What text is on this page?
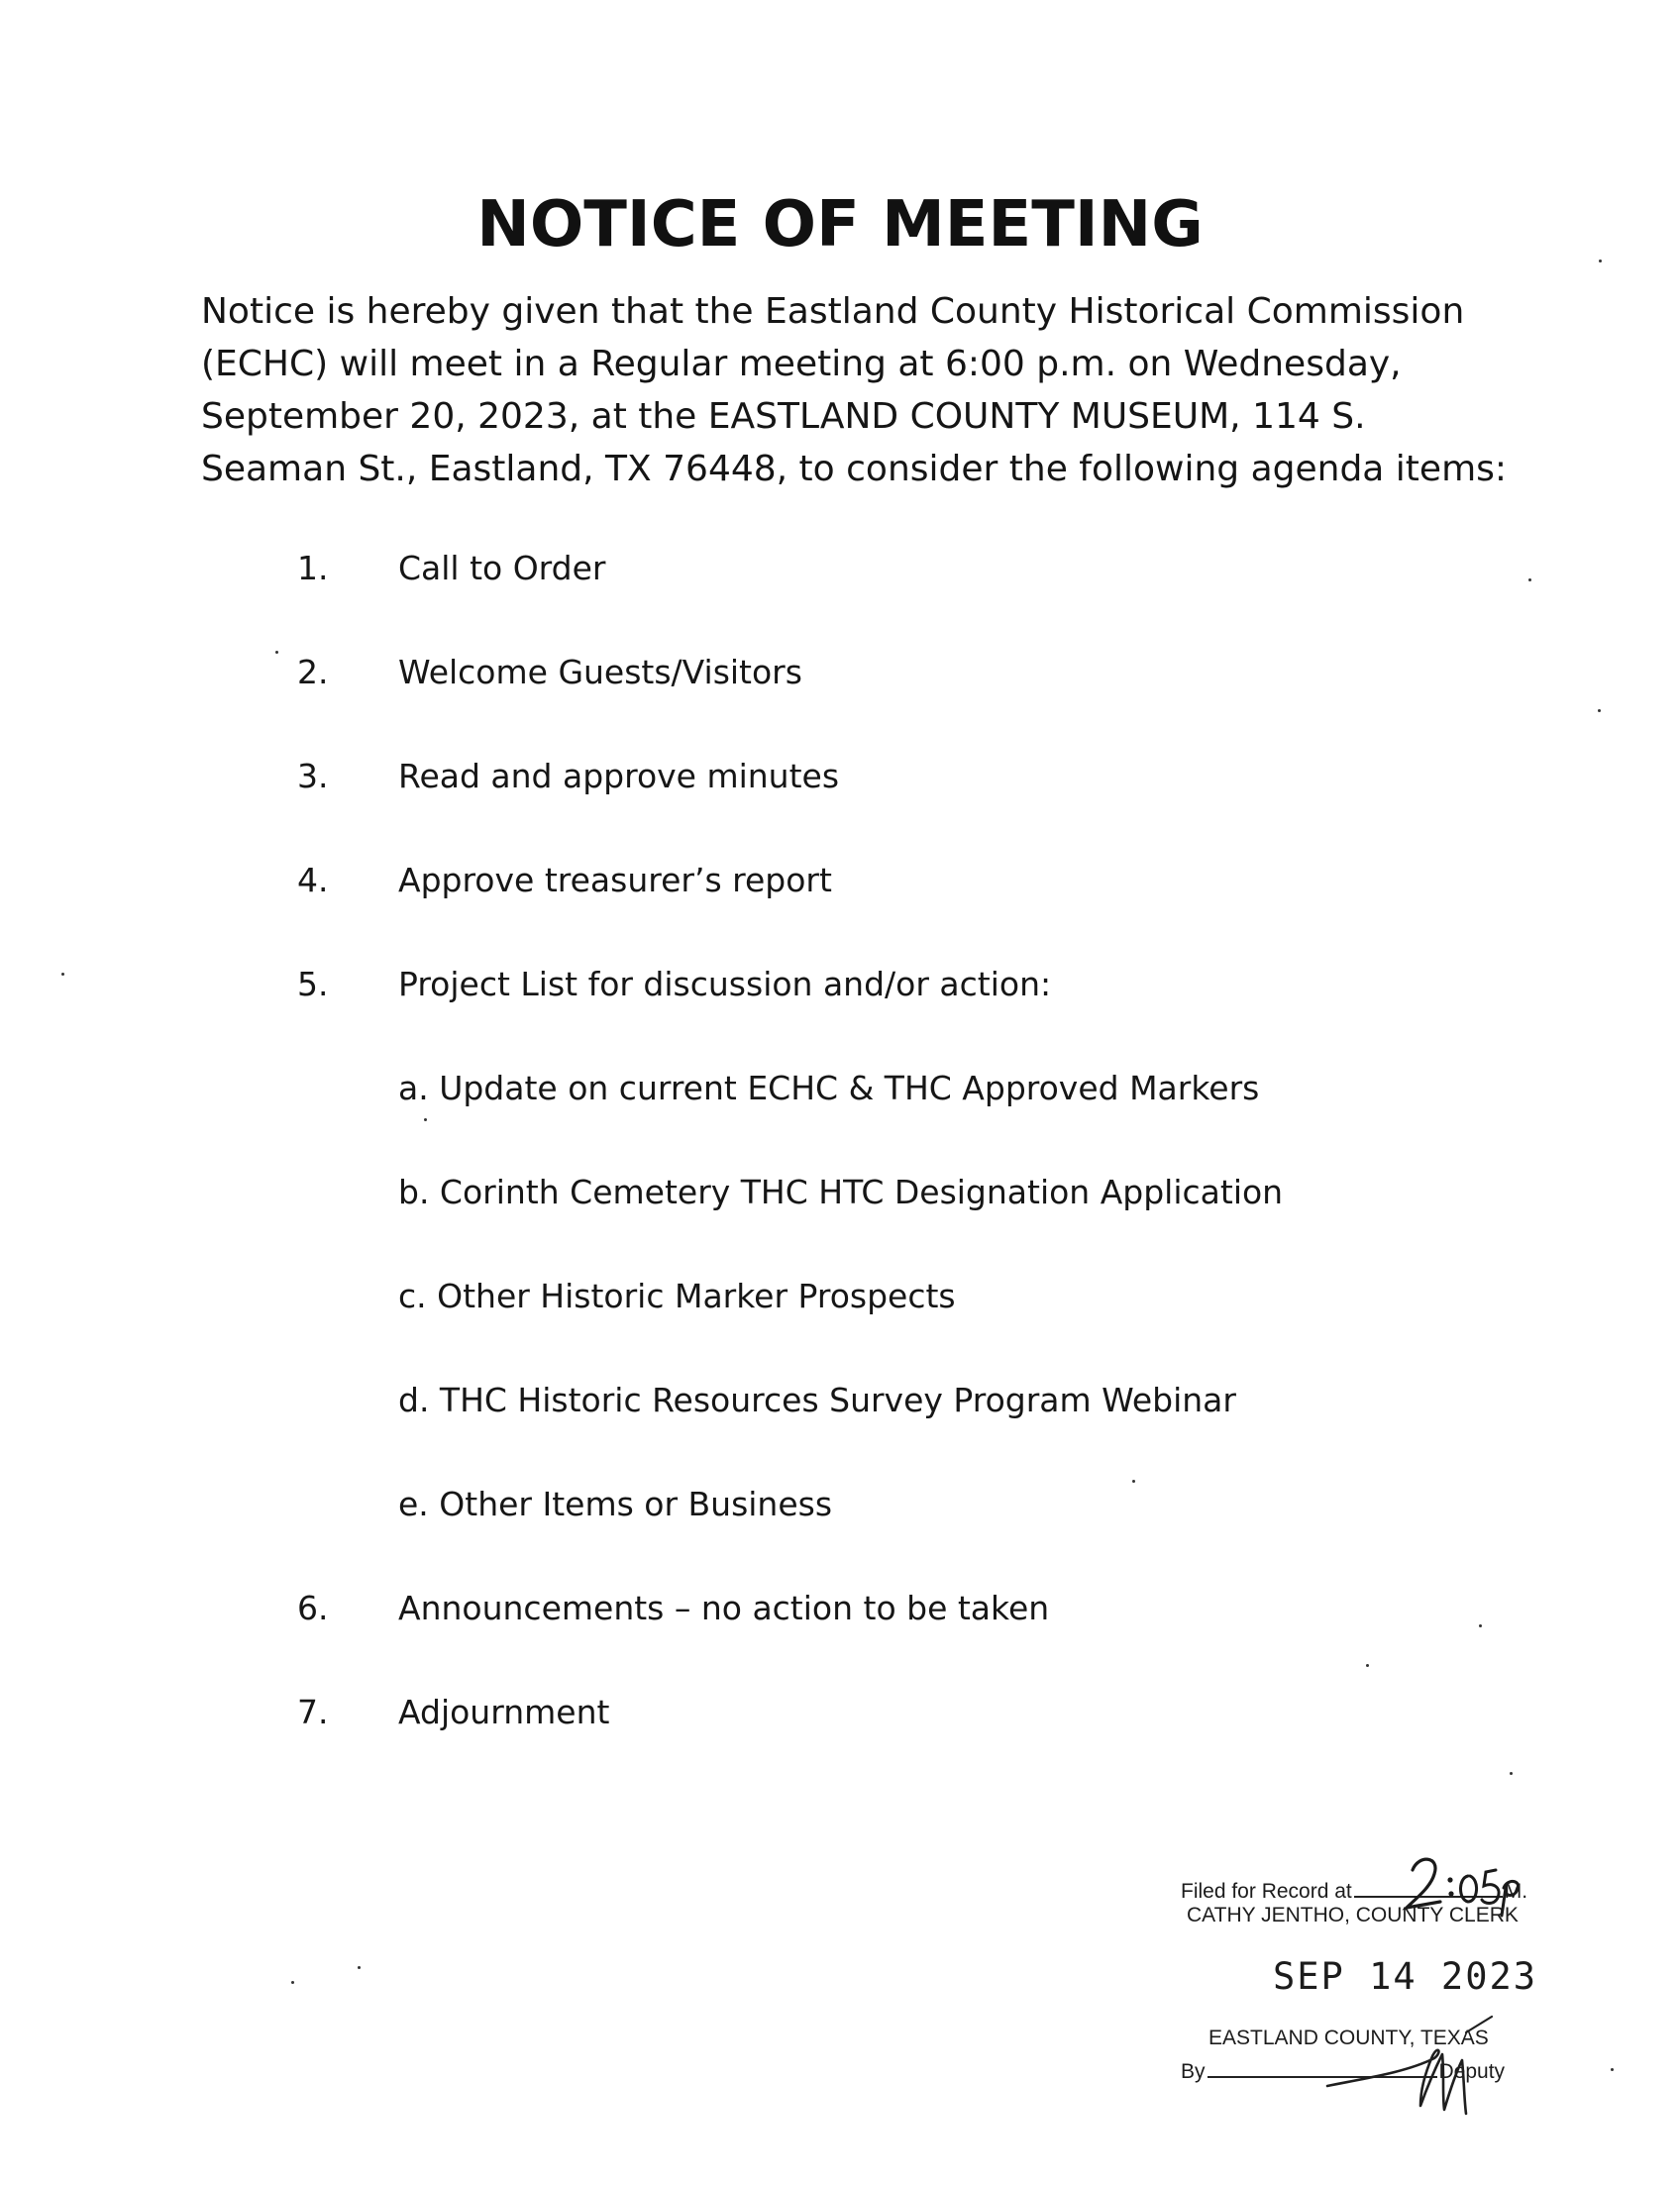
NOTICE OF MEETING
Notice is hereby given that the Eastland County Historical Commission
(ECHC) will meet in a Regular meeting at 6:00 p.m. on Wednesday,
September 20, 2023, at the EASTLAND COUNTY MUSEUM, 114 S.
Seaman St., Eastland, TX 76448, to consider the following agenda items:
1. Call to Order
2. Welcome Guests/Visitors
3. Read and approve minutes
4. Approve treasurer’s report
5. Project List for discussion and/or action:
a. Update on current ECHC & THC Approved Markers
b. Corinth Cemetery THC HTC Designation Application
c. Other Historic Marker Prospects
d. THC Historic Resources Survey Program Webinar
e. Other Items or Business
6. Announcements – no action to be taken
7. Adjournment
Filed for Record at	M.
CATHY JENTHO, COUNTY CLERK
SEP 14 2023
EASTLAND COUNTY, TEXAS
By	Deputy
